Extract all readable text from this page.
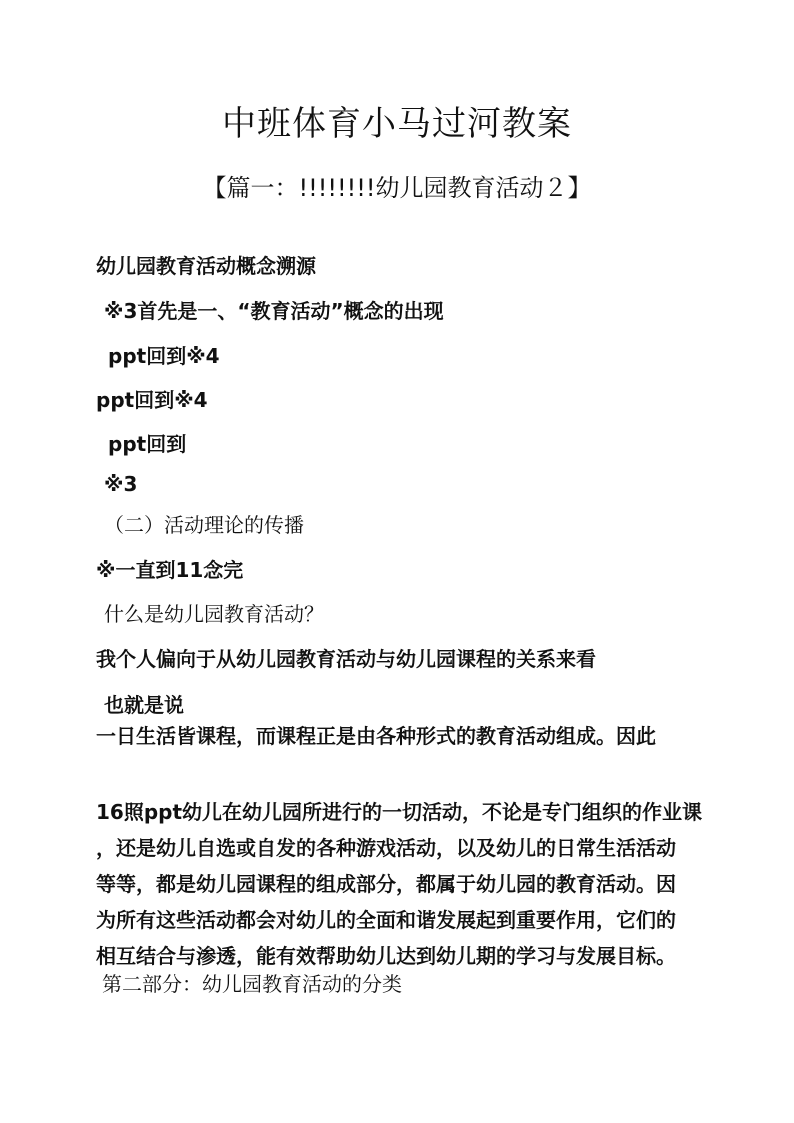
中班体育小马过河教案
【篇一：!!!!!!!!幼儿园教育活动２】
幼儿园教育活动概念溯源
※3首先是一、“教育活动”概念的出现
ppt回到※4
ppt回到※4
ppt回到
※3
（二）活动理论的传播
※一直到11念完
什么是幼儿园教育活动？
我个人偏向于从幼儿园教育活动与幼儿园课程的关系来看
也就是说
一日生活皆课程，而课程正是由各种形式的教育活动组成。因此
16照ppt幼儿在幼儿园所进行的一切活动，不论是专门组织的作业课
，还是幼儿自选或自发的各种游戏活动，以及幼儿的日常生活活动
等等，都是幼儿园课程的组成部分，都属于幼儿园的教育活动。因
为所有这些活动都会对幼儿的全面和谐发展起到重要作用，它们的
相互结合与渗透，能有效帮助幼儿达到幼儿期的学习与发展目标。
第二部分：幼儿园教育活动的分类
